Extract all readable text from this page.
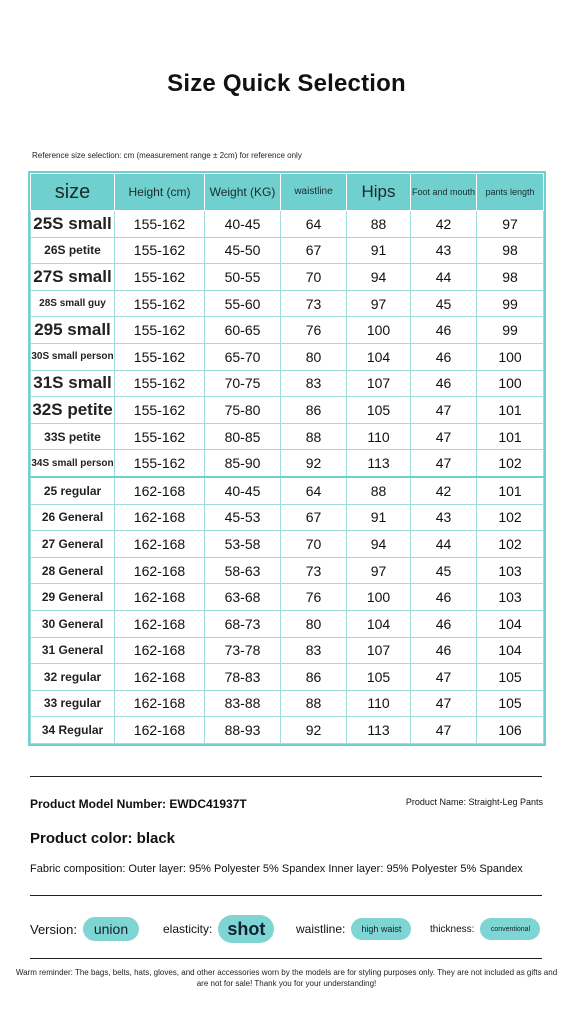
Size Quick Selection
Reference size selection: cm (measurement range ± 2cm) for reference only
size	Height (cm)	Weight (KG)	waistline	Hips	Foot and mouth	pants length
25S small	155-162	40-45	64	88	42	97
26S petite	155-162	45-50	67	91	43	98
27S small	155-162	50-55	70	94	44	98
28S small guy	155-162	55-60	73	97	45	99
295 small	155-162	60-65	76	100	46	99
30S small person	155-162	65-70	80	104	46	100
31S small	155-162	70-75	83	107	46	100
32S petite	155-162	75-80	86	105	47	101
33S petite	155-162	80-85	88	110	47	101
34S small person	155-162	85-90	92	113	47	102
25 regular	162-168	40-45	64	88	42	101
26 General	162-168	45-53	67	91	43	102
27 General	162-168	53-58	70	94	44	102
28 General	162-168	58-63	73	97	45	103
29 General	162-168	63-68	76	100	46	103
30 General	162-168	68-73	80	104	46	104
31 General	162-168	73-78	83	107	46	104
32 regular	162-168	78-83	86	105	47	105
33 regular	162-168	83-88	88	110	47	105
34 Regular	162-168	88-93	92	113	47	106
Product Model Number: EWDC41937T	Product Name: Straight-Leg Pants
Product color: black
Fabric composition: Outer layer: 95% Polyester 5% Spandex Inner layer: 95% Polyester 5% Spandex
Version:	union	elasticity: shot	waistline:	high waist	thickness:	conventional
Warm reminder: The bags, belts, hats, gloves, and other accessories worn by the models are for styling purposes only. They are not included as gifts and are not for sale! Thank you for your understanding!
